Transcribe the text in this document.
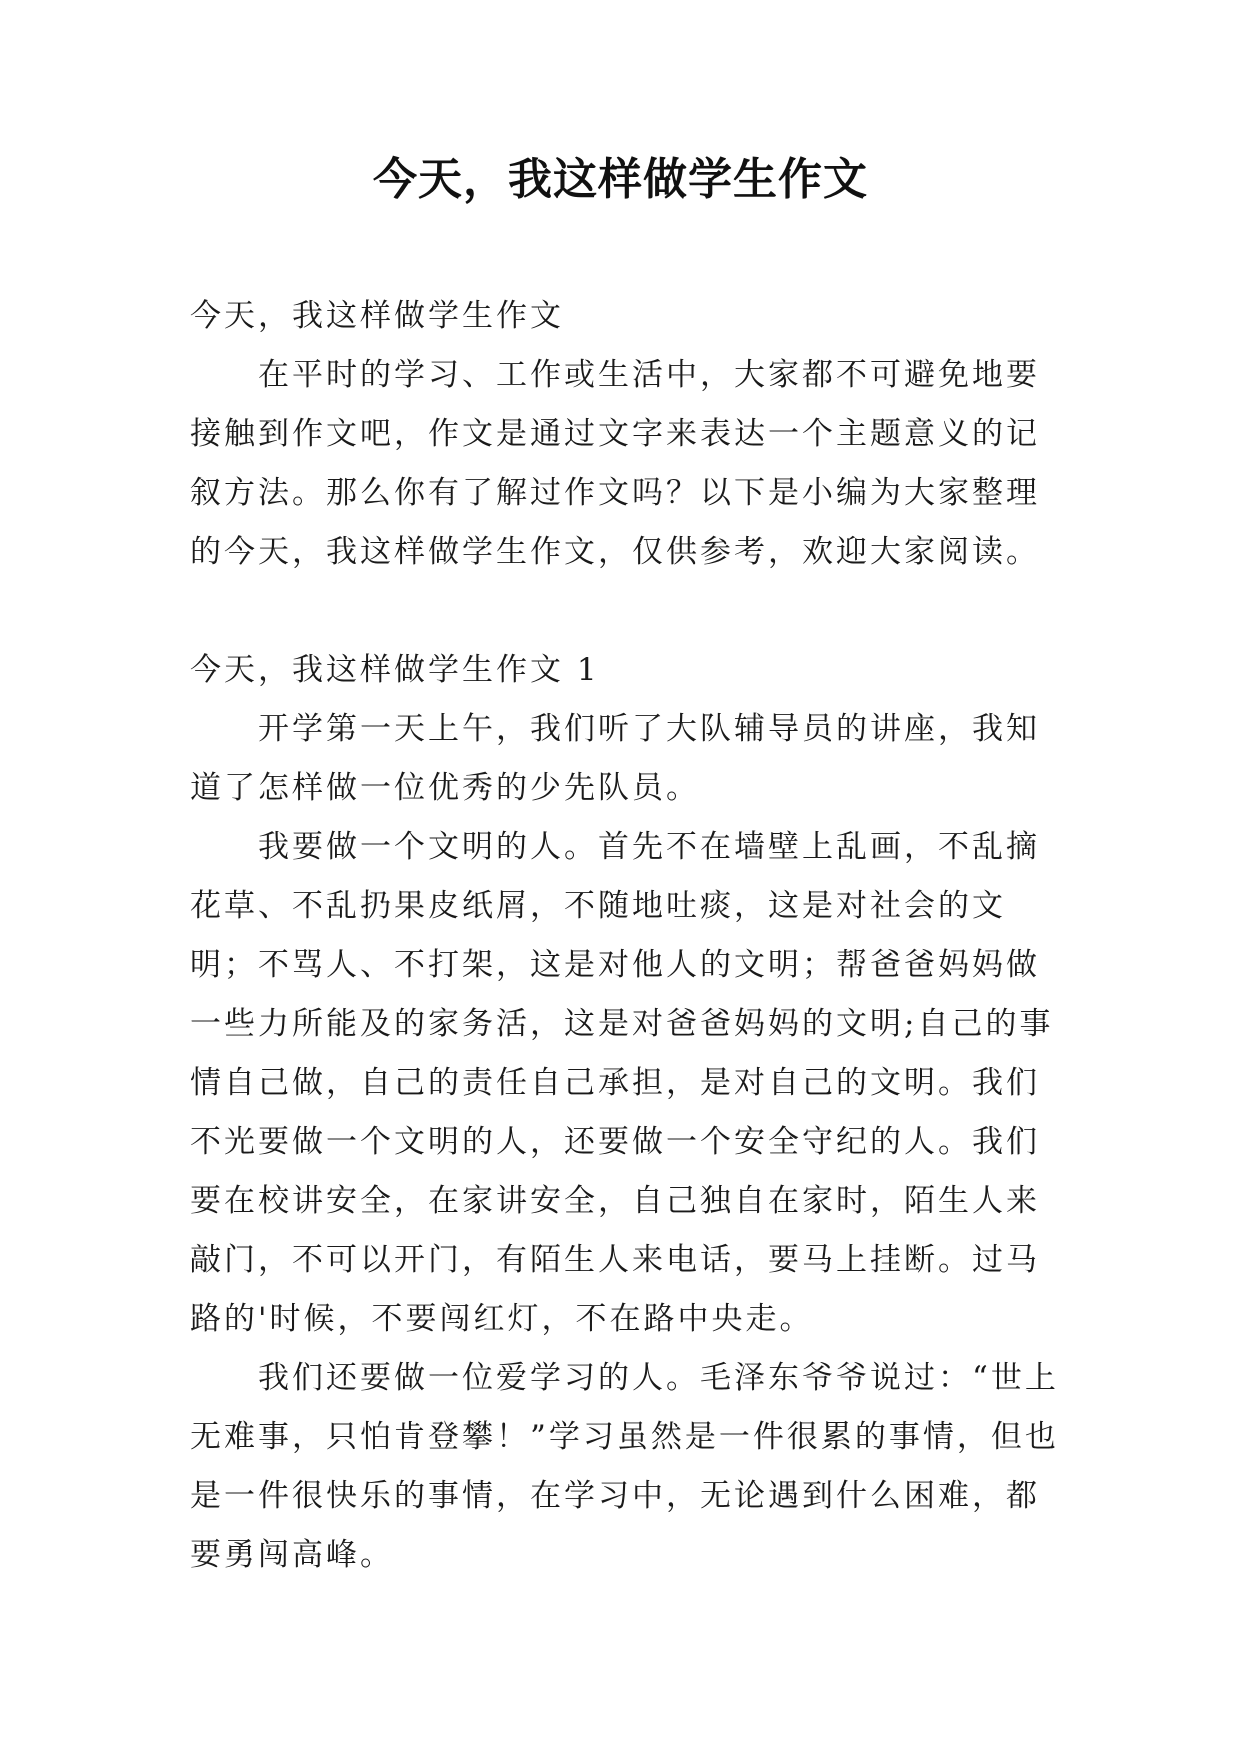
今天，我这样做学生作文

今天，我这样做学生作文

在平时的学习、工作或生活中，大家都不可避免地要接触到作文吧，作文是通过文字来表达一个主题意义的记叙方法。那么你有了解过作文吗？以下是小编为大家整理的今天，我这样做学生作文，仅供参考，欢迎大家阅读。

今天，我这样做学生作文 1

开学第一天上午，我们听了大队辅导员的讲座，我知道了怎样做一位优秀的少先队员。

我要做一个文明的人。首先不在墙壁上乱画，不乱摘花草、不乱扔果皮纸屑，不随地吐痰，这是对社会的文明；不骂人、不打架，这是对他人的文明；帮爸爸妈妈做一些力所能及的家务活，这是对爸爸妈妈的文明;自己的事情自己做，自己的责任自己承担，是对自己的文明。我们不光要做一个文明的人，还要做一个安全守纪的人。我们要在校讲安全，在家讲安全，自己独自在家时，陌生人来敲门，不可以开门，有陌生人来电话，要马上挂断。过马路的'时候，不要闯红灯，不在路中央走。

我们还要做一位爱学习的人。毛泽东爷爷说过：“世上无难事，只怕肯登攀！”学习虽然是一件很累的事情，但也是一件很快乐的事情，在学习中，无论遇到什么困难，都要勇闯高峰。
